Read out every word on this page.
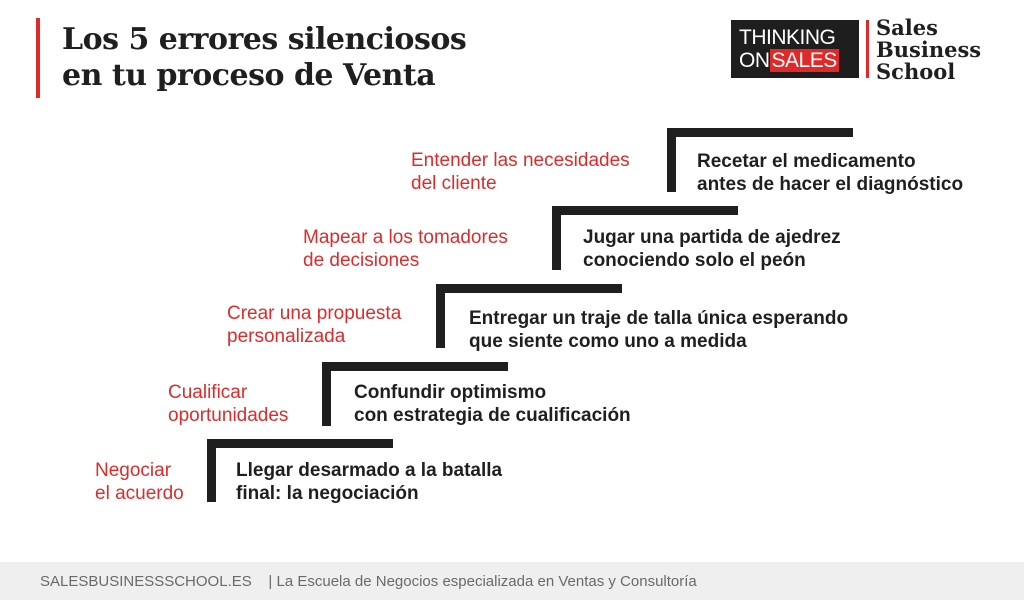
Los 5 errores silenciosos
en tu proceso de Venta
THINKING
ONSALES
Sales
Business
School
Entender las necesidades
del cliente
Recetar el medicamento
antes de hacer el diagnóstico
Mapear a los tomadores
de decisiones
Jugar una partida de ajedrez
conociendo solo el peón
Crear una propuesta
personalizada
Entregar un traje de talla única esperando
que siente como uno a medida
Cualificar
oportunidades
Confundir optimismo
con estrategia de cualificación
Negociar
el acuerdo
Llegar desarmado a la batalla
final: la negociación
SALESBUSINESSSCHOOL.ES | La Escuela de Negocios especializada en Ventas y Consultoría
